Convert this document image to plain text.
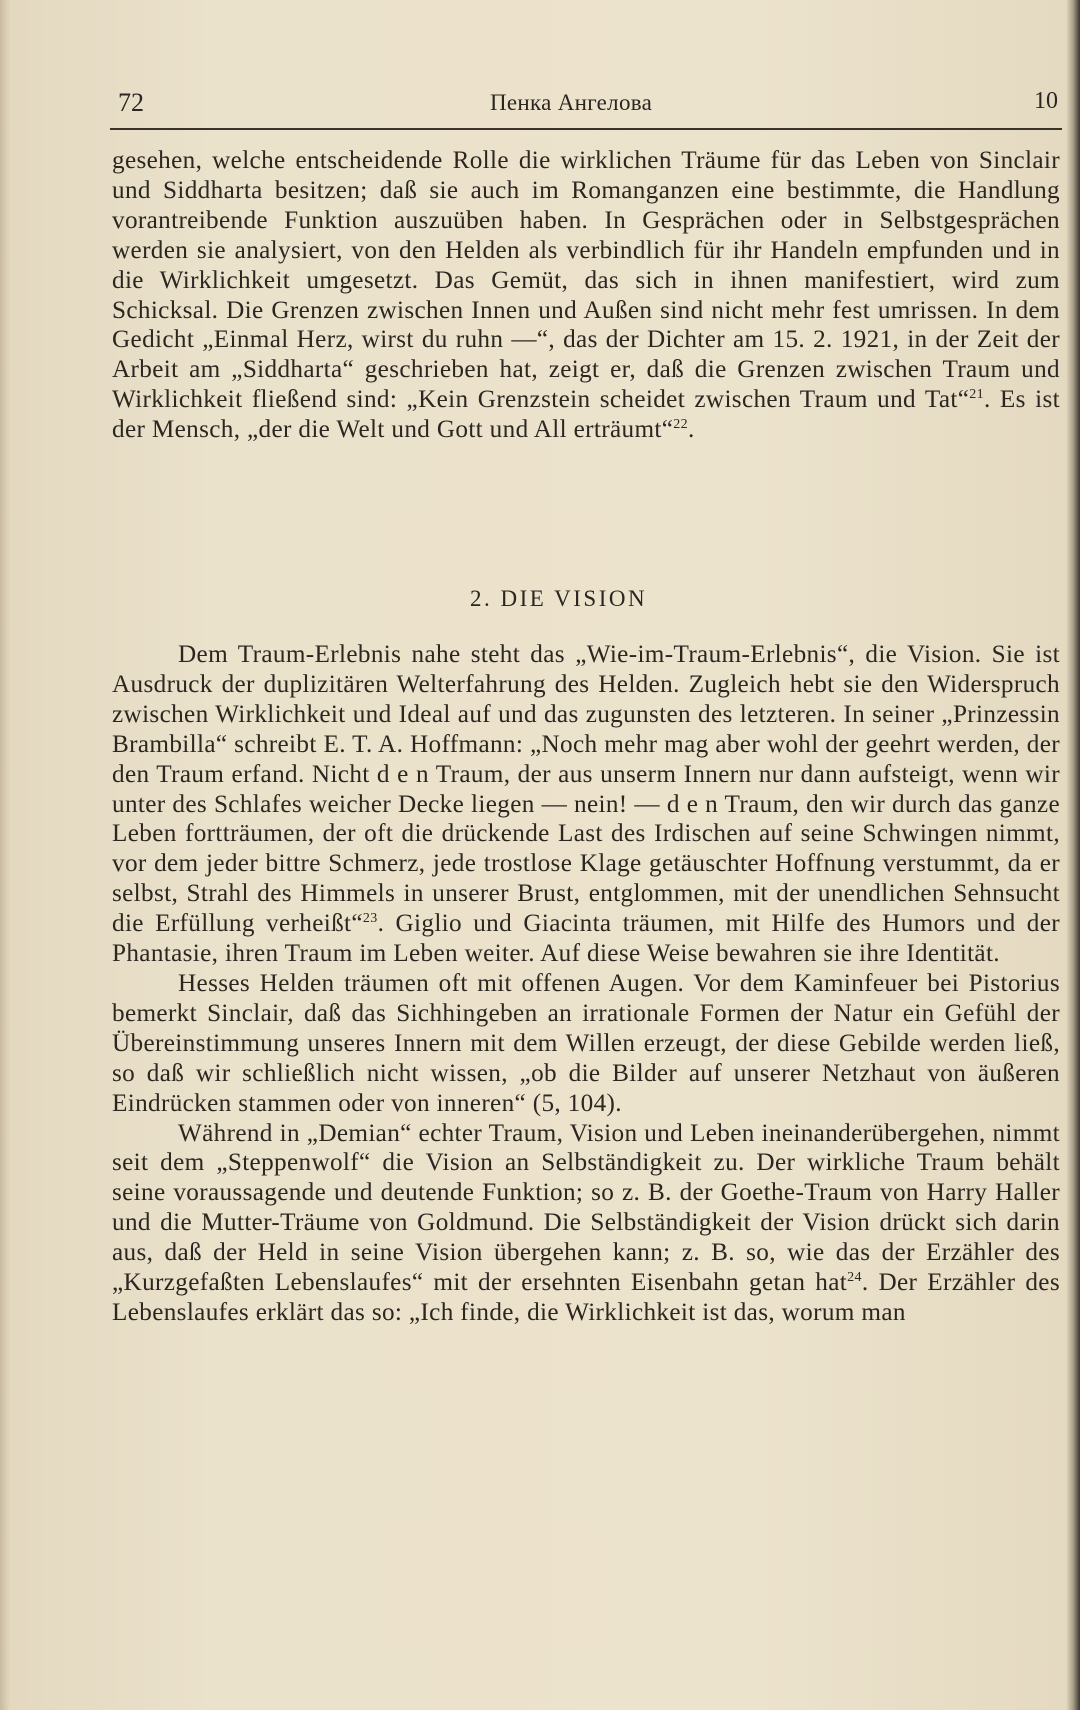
72	Пенка Ангелова	10

gesehen, welche entscheidende Rolle die wirklichen Träume für das Leben von Sinclair und Siddharta besitzen; daß sie auch im Romanganzen eine bestimmte, die Handlung vorantreibende Funktion auszuüben haben. In Gesprächen oder in Selbstgesprächen werden sie analysiert, von den Helden als verbindlich für ihr Handeln empfunden und in die Wirklichkeit umgesetzt. Das Gemüt, das sich in ihnen manifestiert, wird zum Schicksal. Die Grenzen zwischen Innen und Außen sind nicht mehr fest umrissen. In dem Gedicht „Einmal Herz, wirst du ruhn —“, das der Dichter am 15. 2. 1921, in der Zeit der Arbeit am „Siddharta“ geschrieben hat, zeigt er, daß die Grenzen zwischen Traum und Wirklichkeit fließend sind: „Kein Grenzstein scheidet zwischen Traum und Tat“$^{21}$. Es ist der Mensch, „der die Welt und Gott und All erträumt“$^{22}$.

2. DIE VISION

Dem Traum-Erlebnis nahe steht das „Wie-im-Traum-Erlebnis“, die Vision. Sie ist Ausdruck der duplizitären Welterfahrung des Helden. Zugleich hebt sie den Widerspruch zwischen Wirklichkeit und Ideal auf und das zugunsten des letzteren. In seiner „Prinzessin Brambilla“ schreibt E. T. A. Hoffmann: „Noch mehr mag aber wohl der geehrt werden, der den Traum erfand. Nicht d e n Traum, der aus unserm Innern nur dann aufsteigt, wenn wir unter des Schlafes weicher Decke liegen — nein! — d e n Traum, den wir durch das ganze Leben fortträumen, der oft die drückende Last des Irdischen auf seine Schwingen nimmt, vor dem jeder bittre Schmerz, jede trostlose Klage getäuschter Hoffnung verstummt, da er selbst, Strahl des Himmels in unserer Brust, entglommen, mit der unendlichen Sehnsucht die Erfüllung verheißt“$^{23}$. Giglio und Giacinta träumen, mit Hilfe des Humors und der Phantasie, ihren Traum im Leben weiter. Auf diese Weise bewahren sie ihre Identität.

Hesses Helden träumen oft mit offenen Augen. Vor dem Kaminfeuer bei Pistorius bemerkt Sinclair, daß das Sichhingeben an irrationale Formen der Natur ein Gefühl der Übereinstimmung unseres Innern mit dem Willen erzeugt, der diese Gebilde werden ließ, so daß wir schließlich nicht wissen, „ob die Bilder auf unserer Netzhaut von äußeren Eindrücken stammen oder von inneren“ (5, 104).

Während in „Demian“ echter Traum, Vision und Leben ineinanderübergehen, nimmt seit dem „Steppenwolf“ die Vision an Selbständigkeit zu. Der wirkliche Traum behält seine voraussagende und deutende Funktion; so z. B. der Goethe-Traum von Harry Haller und die Mutter-Träume von Goldmund. Die Selbständigkeit der Vision drückt sich darin aus, daß der Held in seine Vision übergehen kann; z. B. so, wie das der Erzähler des „Kurzgefaßten Lebenslaufes“ mit der ersehnten Eisenbahn getan hat$^{24}$. Der Erzähler des Lebenslaufes erklärt das so: „Ich finde, die Wirklichkeit ist das, worum man
